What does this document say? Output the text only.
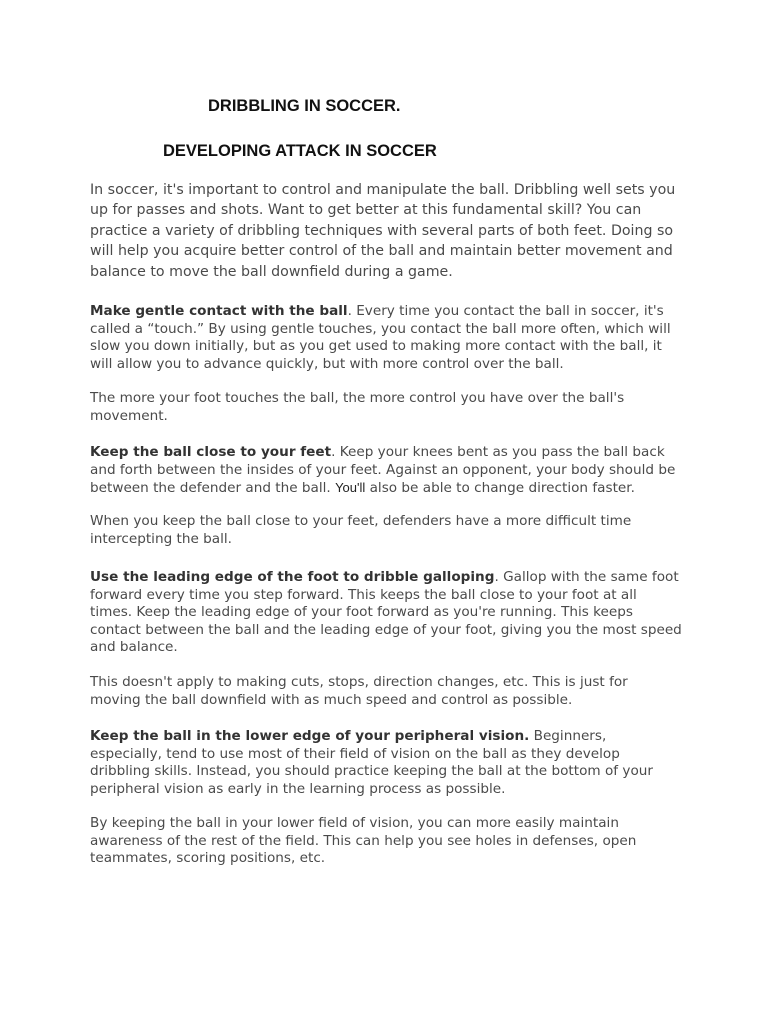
DRIBBLING IN SOCCER.
DEVELOPING ATTACK IN SOCCER

In soccer, it's important to control and manipulate the ball. Dribbling well sets you up for passes and shots. Want to get better at this fundamental skill? You can practice a variety of dribbling techniques with several parts of both feet. Doing so will help you acquire better control of the ball and maintain better movement and balance to move the ball downfield during a game.

Make gentle contact with the ball. Every time you contact the ball in soccer, it's called a “touch.” By using gentle touches, you contact the ball more often, which will slow you down initially, but as you get used to making more contact with the ball, it will allow you to advance quickly, but with more control over the ball.

The more your foot touches the ball, the more control you have over the ball's movement.

Keep the ball close to your feet. Keep your knees bent as you pass the ball back and forth between the insides of your feet. Against an opponent, your body should be between the defender and the ball. You'll also be able to change direction faster.

When you keep the ball close to your feet, defenders have a more difficult time intercepting the ball.

Use the leading edge of the foot to dribble galloping. Gallop with the same foot forward every time you step forward. This keeps the ball close to your foot at all times. Keep the leading edge of your foot forward as you're running. This keeps contact between the ball and the leading edge of your foot, giving you the most speed and balance.

This doesn't apply to making cuts, stops, direction changes, etc. This is just for moving the ball downfield with as much speed and control as possible.

Keep the ball in the lower edge of your peripheral vision. Beginners, especially, tend to use most of their field of vision on the ball as they develop dribbling skills. Instead, you should practice keeping the ball at the bottom of your peripheral vision as early in the learning process as possible.

By keeping the ball in your lower field of vision, you can more easily maintain awareness of the rest of the field. This can help you see holes in defenses, open teammates, scoring positions, etc.
